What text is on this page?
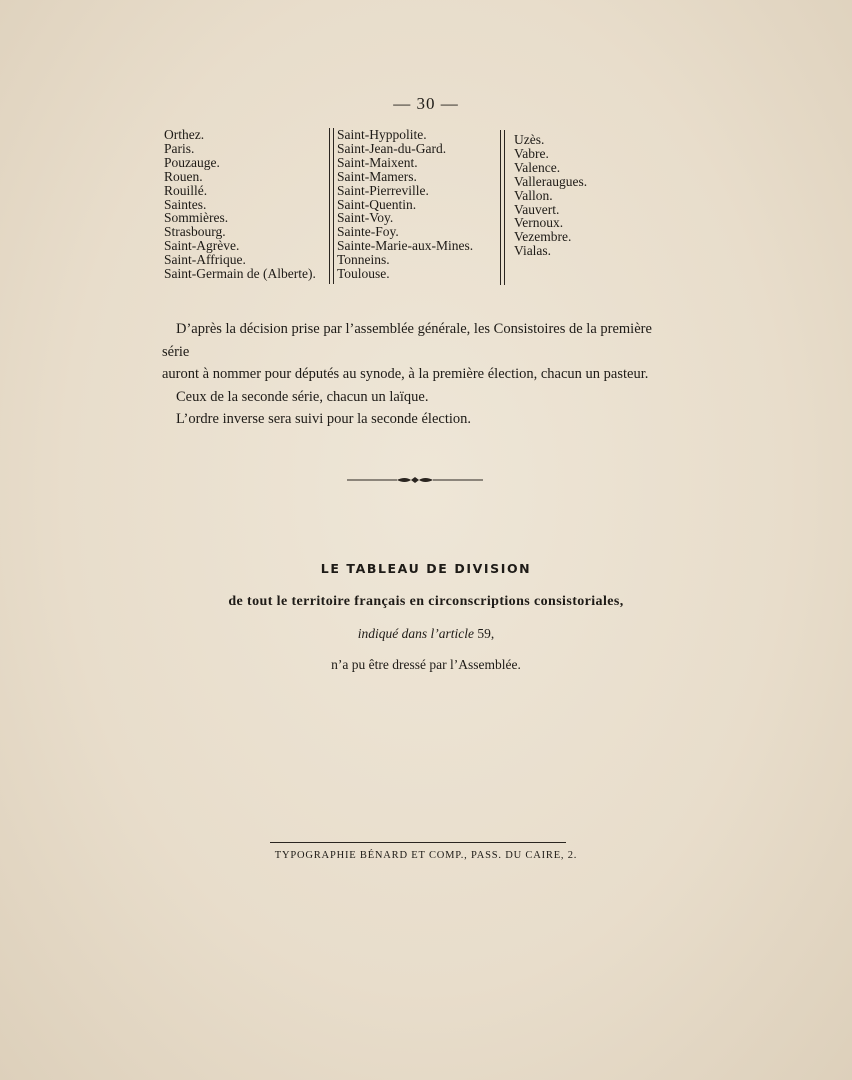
— 30 —
Orthez.
Paris.
Pouzauge.
Rouen.
Rouillé.
Saintes.
Sommières.
Strasbourg.
Saint-Agrève.
Saint-Affrique.
Saint-Germain de (Alberte).
Saint-Hyppolite.
Saint-Jean-du-Gard.
Saint-Maixent.
Saint-Mamers.
Saint-Pierreville.
Saint-Quentin.
Saint-Voy.
Sainte-Foy.
Sainte-Marie-aux-Mines.
Tonneins.
Toulouse.
Uzès.
Vabre.
Valence.
Valleraugues.
Vallon.
Vauvert.
Vernoux.
Vezembre.
Vialas.

D’après la décision prise par l’assemblée générale, les Consistoires de la première série

auront à nommer pour députés au synode, à la première élection, chacun un pasteur.

Ceux de la seconde série, chacun un laïque.

L’ordre inverse sera suivi pour la seconde élection.

LE TABLEAU DE DIVISION
de tout le territoire français en circonscriptions consistoriales,
indiqué dans l’article 59,
n’a pu être dressé par l’Assemblée.
TYPOGRAPHIE BÉNARD ET COMP., PASS. DU CAIRE, 2.
